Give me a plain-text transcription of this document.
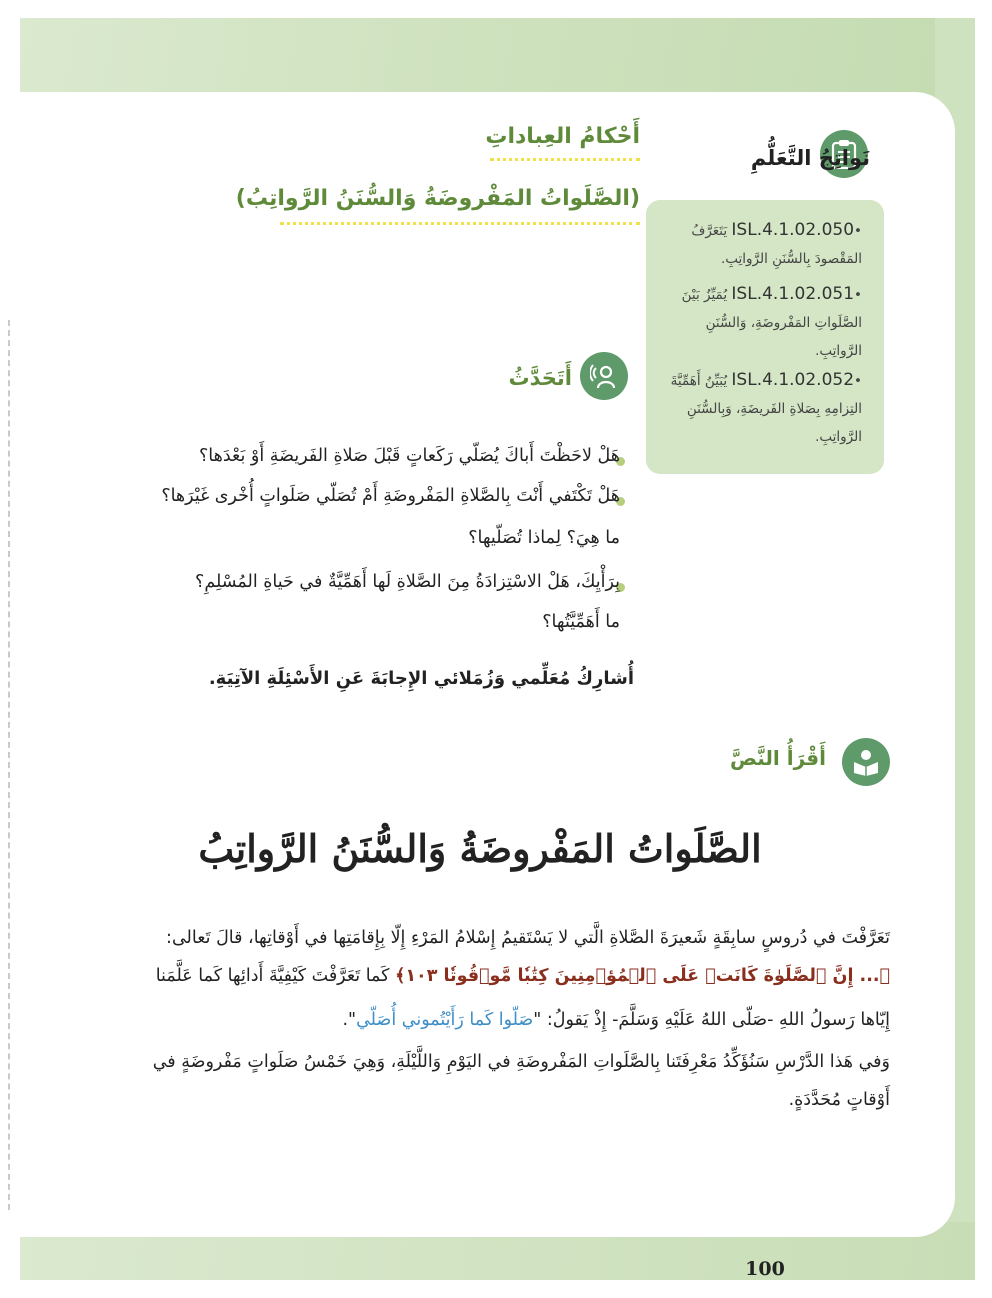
أَحْكامُ العِباداتِ
(الصَّلَواتُ المَفْروضَةُ وَالسُّنَنُ الرَّواتِبُ)
نَواتِجُ التَّعَلُّمِ
•ISL.4.1.02.050 يَتَعَرَّفُ
المَقْصودَ بِالسُّنَنِ الرَّواتِبِ.
•ISL.4.1.02.051 يُمَيِّزُ بَيْنَ
الصَّلَواتِ المَفْروضَةِ، وَالسُّنَنِ
الرَّواتِبِ.
•ISL.4.1.02.052 يُبَيِّنُ أَهَمِّيَّةَ
التِزامِهِ بِصَلاةِ الفَريضَةِ، وَبِالسُّنَنِ
الرَّواتِبِ.
أَتَحَدَّثُ
هَلْ لاحَظْتَ أَباكَ يُصَلّي رَكَعاتٍ قَبْلَ صَلاةِ الفَريضَةِ أَوْ بَعْدَها؟
هَلْ تَكْتَفي أَنْتَ بِالصَّلاةِ المَفْروضَةِ أَمْ تُصَلّي صَلَواتٍ أُخْرى غَيْرَها؟
ما هِيَ؟ لِماذا تُصَلّيها؟
بِرَأْيِكَ، هَلْ الاسْتِزادَةُ مِنَ الصَّلاةِ لَها أَهَمِّيَّةٌ في حَياةِ المُسْلِمِ؟
ما أَهَمِّيَّتُها؟
أُشارِكُ مُعَلِّمي وَزُمَلائي الإِجابَةَ عَنِ الأَسْئِلَةِ الآتِيَةِ.
أَقْرَأُ النَّصَّ
الصَّلَواتُ المَفْروضَةُ وَالسُّنَنُ الرَّواتِبُ
تَعَرَّفْتَ في دُروسٍ سابِقَةٍ شَعيرَةَ الصَّلاةِ الَّتي لا يَسْتَقيمُ إِسْلامُ المَرْءِ إِلّا بِإِقامَتِها في أَوْقاتِها، قالَ تَعالى:
﴿... إِنَّ ٱلصَّلَوٰةَ كَانَتۡ عَلَى ٱلۡمُؤۡمِنِينَ كِتَٰبٗا مَّوۡقُوتٗا ١٠٣﴾ كَما تَعَرَّفْتَ كَيْفِيَّةَ أَدائِها كَما عَلَّمَنا
إِيّاها رَسولُ اللهِ -صَلّى اللهُ عَلَيْهِ وَسَلَّمَ- إِذْ يَقولُ: "صَلّوا كَما رَأَيْتُموني أُصَلّي".
وَفي هَذا الدَّرْسِ سَنُؤَكِّدُ مَعْرِفَتَنا بِالصَّلَواتِ المَفْروضَةِ في اليَوْمِ وَاللَّيْلَةِ، وَهِيَ خَمْسُ صَلَواتٍ مَفْروضَةٍ في
أَوْقاتٍ مُحَدَّدَةٍ.
100
